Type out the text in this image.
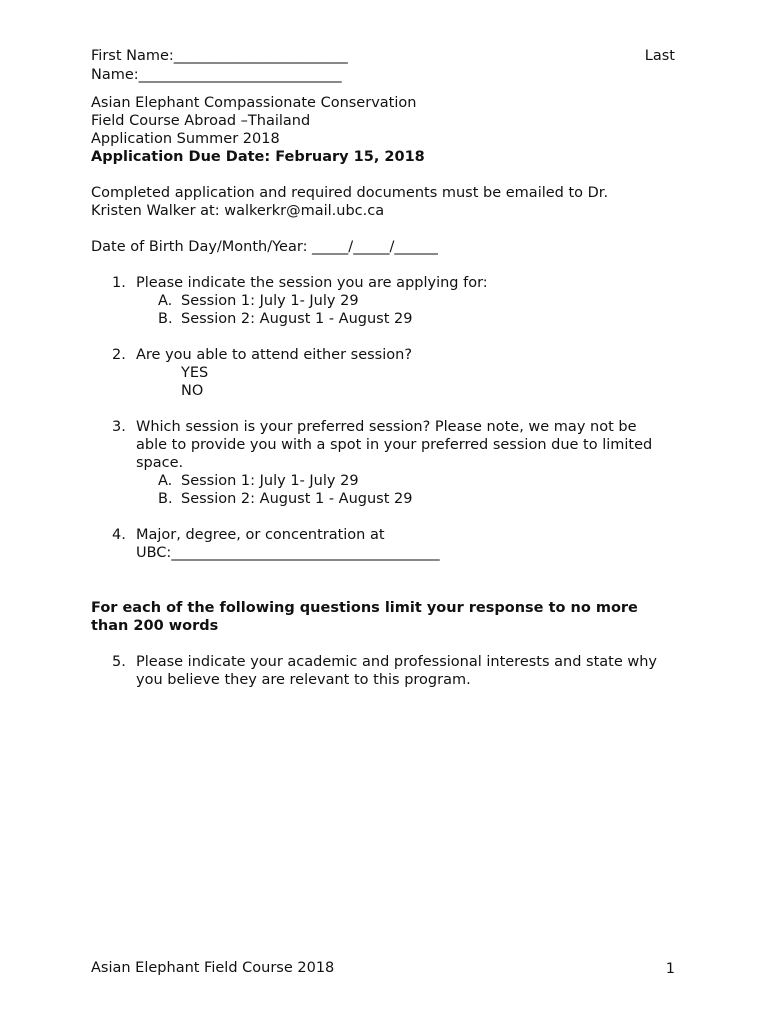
First Name:________________________	Last
Name:____________________________
Asian Elephant Compassionate Conservation
Field Course Abroad –Thailand
Application Summer 2018
Application Due Date: February 15, 2018
Completed application and required documents must be emailed to Dr.
Kristen Walker at: walkerkr@mail.ubc.ca
Date of Birth Day/Month/Year: _____/_____/______
1. Please indicate the session you are applying for:
A. Session 1: July 1- July 29
B. Session 2: August 1 - August 29
2. Are you able to attend either session?
YES
NO
3. Which session is your preferred session? Please note, we may not be
able to provide you with a spot in your preferred session due to limited
space.
A. Session 1: July 1- July 29
B. Session 2: August 1 - August 29
4. Major, degree, or concentration at
UBC:_____________________________________
For each of the following questions limit your response to no more
than 200 words
5. Please indicate your academic and professional interests and state why
you believe they are relevant to this program.
Asian Elephant Field Course 2018	1
